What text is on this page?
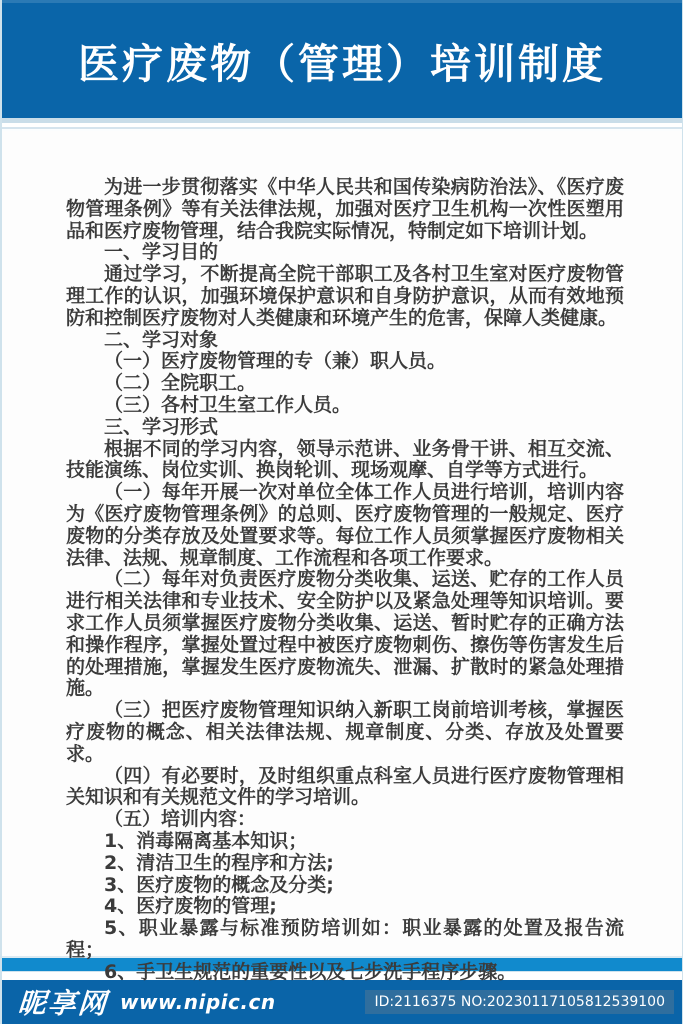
医疗废物（管理）培训制度

为进一步贯彻落实《中华人民共和国传染病防治法》、《医疗废物管理条例》等有关法律法规，加强对医疗卫生机构一次性医塑用品和医疗废物管理，结合我院实际情况，特制定如下培训计划。

一、学习目的

通过学习，不断提高全院干部职工及各村卫生室对医疗废物管理工作的认识，加强环境保护意识和自身防护意识，从而有效地预防和控制医疗废物对人类健康和环境产生的危害，保障人类健康。

二、学习对象

（一）医疗废物管理的专（兼）职人员。

（二）全院职工。

（三）各村卫生室工作人员。

三、学习形式

根据不同的学习内容，领导示范讲、业务骨干讲、相互交流、技能演练、岗位实训、换岗轮训、现场观摩、自学等方式进行。

（一）每年开展一次对单位全体工作人员进行培训，培训内容为《医疗废物管理条例》的总则、医疗废物管理的一般规定、医疗废物的分类存放及处置要求等。每位工作人员须掌握医疗废物相关法律、法规、规章制度、工作流程和各项工作要求。

（二）每年对负责医疗废物分类收集、运送、贮存的工作人员进行相关法律和专业技术、安全防护以及紧急处理等知识培训。要求工作人员须掌握医疗废物分类收集、运送、暂时贮存的正确方法和操作程序，掌握处置过程中被医疗废物刺伤、擦伤等伤害发生后的处理措施，掌握发生医疗废物流失、泄漏、扩散时的紧急处理措施。

（三）把医疗废物管理知识纳入新职工岗前培训考核，掌握医疗废物的概念、相关法律法规、规章制度、分类、存放及处置要求。

（四）有必要时，及时组织重点科室人员进行医疗废物管理相关知识和有关规范文件的学习培训。

（五）培训内容：

1、消毒隔离基本知识；

2、清洁卫生的程序和方法;

3、医疗废物的概念及分类;

4、医疗废物的管理;

5、职业暴露与标准预防培训如：职业暴露的处置及报告流程；

6、手卫生规范的重要性以及七步洗手程序步骤。

昵享网 www.nipic.cn	ID:2116375 NO:20230117105812539100
